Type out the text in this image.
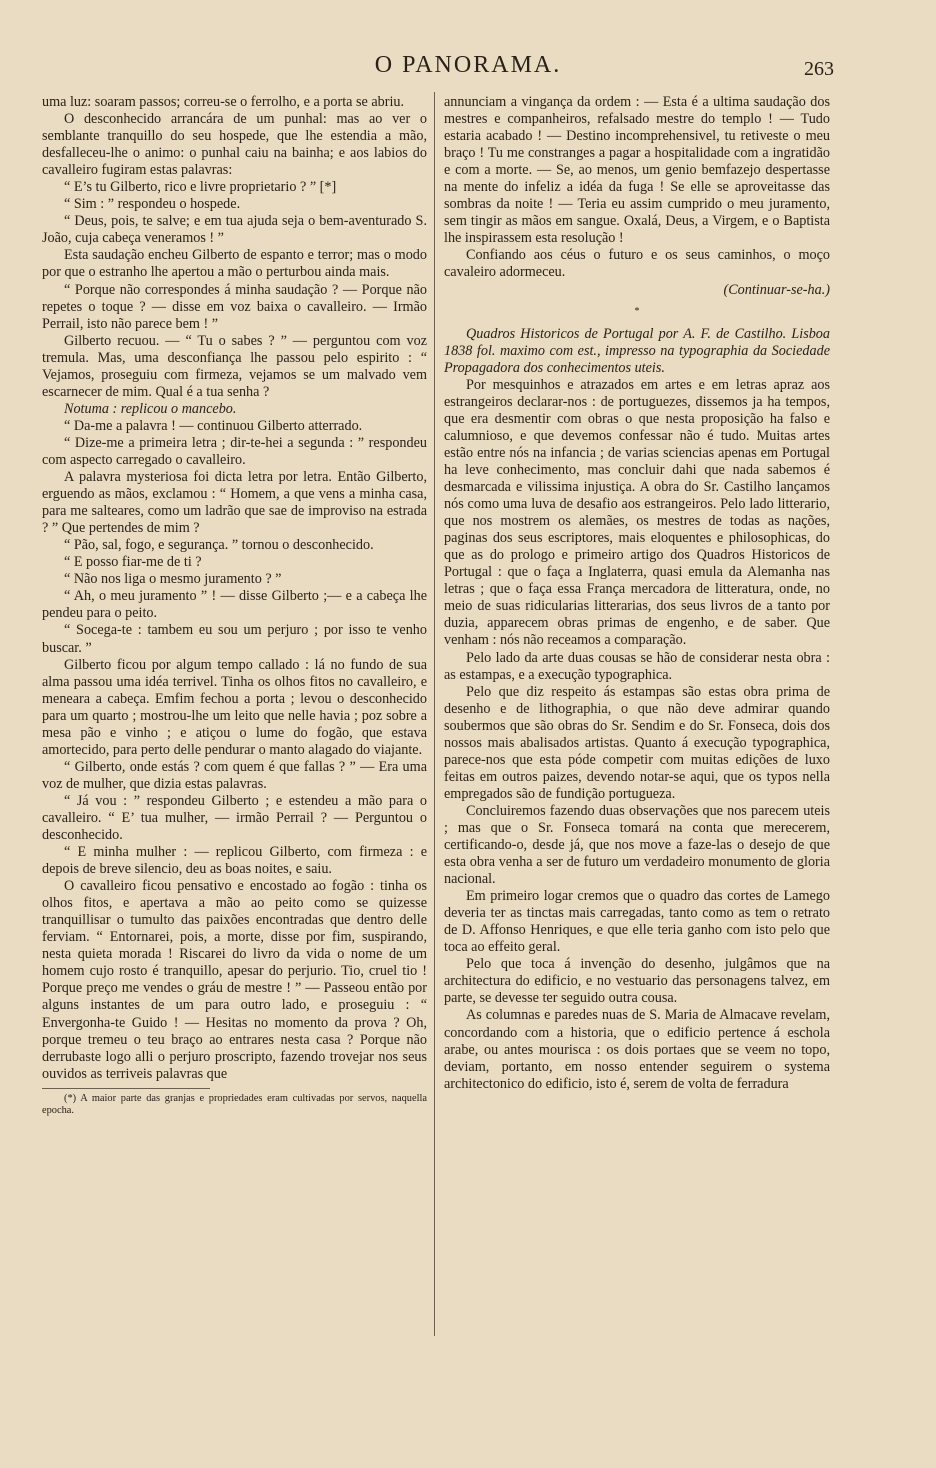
O PANORAMA.	263

uma luz: soaram passos; correu-se o ferrolho, e a porta se abriu.

O desconhecido arrancára de um punhal: mas ao ver o semblante tranquillo do seu hospede, que lhe estendia a mão, desfalleceu-lhe o animo: o punhal caiu na bainha; e aos labios do cavalleiro fugiram estas palavras:

“ E’s tu Gilberto, rico e livre proprietario ? ” [*]

“ Sim : ” respondeu o hospede.

“ Deus, pois, te salve; e em tua ajuda seja o bem-aventurado S. João, cuja cabeça veneramos ! ”

Esta saudação encheu Gilberto de espanto e terror; mas o modo por que o estranho lhe apertou a mão o perturbou ainda mais.

“ Porque não correspondes á minha saudação ? — Porque não repetes o toque ? — disse em voz baixa o cavalleiro. — Irmão Perrail, isto não parece bem ! ”

Gilberto recuou. — “ Tu o sabes ? ” — perguntou com voz tremula. Mas, uma desconfiança lhe passou pelo espirito : “ Vejamos, proseguiu com firmeza, vejamos se um malvado vem escarnecer de mim. Qual é a tua senha ?

Notuma : replicou o mancebo.

“ Da-me a palavra ! — continuou Gilberto atterrado.

“ Dize-me a primeira letra ; dir-te-hei a segunda : ” respondeu com aspecto carregado o cavalleiro.

A palavra mysteriosa foi dicta letra por letra. Então Gilberto, erguendo as mãos, exclamou : “ Homem, a que vens a minha casa, para me salteares, como um ladrão que sae de improviso na estrada ? ” Que pertendes de mim ?

“ Pão, sal, fogo, e segurança. ” tornou o desconhecido.

“ E posso fiar-me de ti ?

“ Não nos liga o mesmo juramento ? ”

“ Ah, o meu juramento ” ! — disse Gilberto ;— e a cabeça lhe pendeu para o peito.

“ Socega-te : tambem eu sou um perjuro ; por isso te venho buscar. ”

Gilberto ficou por algum tempo callado : lá no fundo de sua alma passou uma idéa terrivel. Tinha os olhos fitos no cavalleiro, e meneara a cabeça. Emfim fechou a porta ; levou o desconhecido para um quarto ; mostrou-lhe um leito que nelle havia ; poz sobre a mesa pão e vinho ; e atiçou o lume do fogão, que estava amortecido, para perto delle pendurar o manto alagado do viajante.

“ Gilberto, onde estás ? com quem é que fallas ? ” — Era uma voz de mulher, que dizia estas palavras.

“ Já vou : ” respondeu Gilberto ; e estendeu a mão para o cavalleiro. “ E’ tua mulher, — irmão Perrail ? — Perguntou o desconhecido.

“ E minha mulher : — replicou Gilberto, com firmeza : e depois de breve silencio, deu as boas noites, e saiu.

O cavalleiro ficou pensativo e encostado ao fogão : tinha os olhos fitos, e apertava a mão ao peito como se quizesse tranquillisar o tumulto das paixões encontradas que dentro delle ferviam. “ Entornarei, pois, a morte, disse por fim, suspirando, nesta quieta morada ! Riscarei do livro da vida o nome de um homem cujo rosto é tranquillo, apesar do perjurio. Tio, cruel tio ! Porque preço me vendes o gráu de mestre ! ” — Passeou então por alguns instantes de um para outro lado, e proseguiu : “ Envergonha-te Guido ! — Hesitas no momento da prova ? Oh, porque tremeu o teu braço ao entrares nesta casa ? Porque não derrubaste logo alli o perjuro proscripto, fazendo trovejar nos seus ouvidos as terriveis palavras que

(*) A maior parte das granjas e propriedades eram cultivadas por servos, naquella epocha.

annunciam a vingança da ordem : — Esta é a ultima saudação dos mestres e companheiros, refalsado mestre do templo ! — Tudo estaria acabado ! — Destino incomprehensivel, tu retiveste o meu braço ! Tu me constranges a pagar a hospitalidade com a ingratidão e com a morte. — Se, ao menos, um genio bemfazejo despertasse na mente do infeliz a idéa da fuga ! Se elle se aproveitasse das sombras da noite ! — Teria eu assim cumprido o meu juramento, sem tingir as mãos em sangue. Oxalá, Deus, a Virgem, e o Baptista lhe inspirassem esta resolução !

Confiando aos céus o futuro e os seus caminhos, o moço cavaleiro adormeceu.

(Continuar-se-ha.)

*

Quadros Historicos de Portugal por A. F. de Castilho. Lisboa 1838 fol. maximo com est., impresso na typographia da Sociedade Propagadora dos conhecimentos uteis.

Por mesquinhos e atrazados em artes e em letras apraz aos estrangeiros declarar-nos : de portuguezes, dissemos ja ha tempos, que era desmentir com obras o que nesta proposição ha falso e calumnioso, e que devemos confessar não é tudo. Muitas artes estão entre nós na infancia ; de varias sciencias apenas em Portugal ha leve conhecimento, mas concluir dahi que nada sabemos é desmarcada e vilissima injustiça. A obra do Sr. Castilho lançamos nós como uma luva de desafio aos estrangeiros. Pelo lado litterario, que nos mostrem os alemães, os mestres de todas as nações, paginas dos seus escriptores, mais eloquentes e philosophicas, do que as do prologo e primeiro artigo dos Quadros Historicos de Portugal : que o faça a Inglaterra, quasi emula da Alemanha nas letras ; que o faça essa França mercadora de litteratura, onde, no meio de suas ridicularias litterarias, dos seus livros de a tanto por duzia, apparecem obras primas de engenho, e de saber. Que venham : nós não receamos a comparação.

Pelo lado da arte duas cousas se hão de considerar nesta obra : as estampas, e a execução typographica.

Pelo que diz respeito ás estampas são estas obra prima de desenho e de lithographia, o que não deve admirar quando soubermos que são obras do Sr. Sendim e do Sr. Fonseca, dois dos nossos mais abalisados artistas. Quanto á execução typographica, parece-nos que esta póde competir com muitas edições de luxo feitas em outros paizes, devendo notar-se aqui, que os typos nella empregados são de fundição portugueza.

Concluiremos fazendo duas observações que nos parecem uteis ; mas que o Sr. Fonseca tomará na conta que merecerem, certificando-o, desde já, que nos move a faze-las o desejo de que esta obra venha a ser de futuro um verdadeiro monumento de gloria nacional.

Em primeiro logar cremos que o quadro das cortes de Lamego deveria ter as tinctas mais carregadas, tanto como as tem o retrato de D. Affonso Henriques, e que elle teria ganho com isto pelo que toca ao effeito geral.

Pelo que toca á invenção do desenho, julgâmos que na architectura do edificio, e no vestuario das personagens talvez, em parte, se devesse ter seguido outra cousa.

As columnas e paredes nuas de S. Maria de Almacave revelam, concordando com a historia, que o edificio pertence á eschola arabe, ou antes mourisca : os dois portaes que se veem no topo, deviam, portanto, em nosso entender seguirem o systema architectonico do edificio, isto é, serem de volta de ferradura
